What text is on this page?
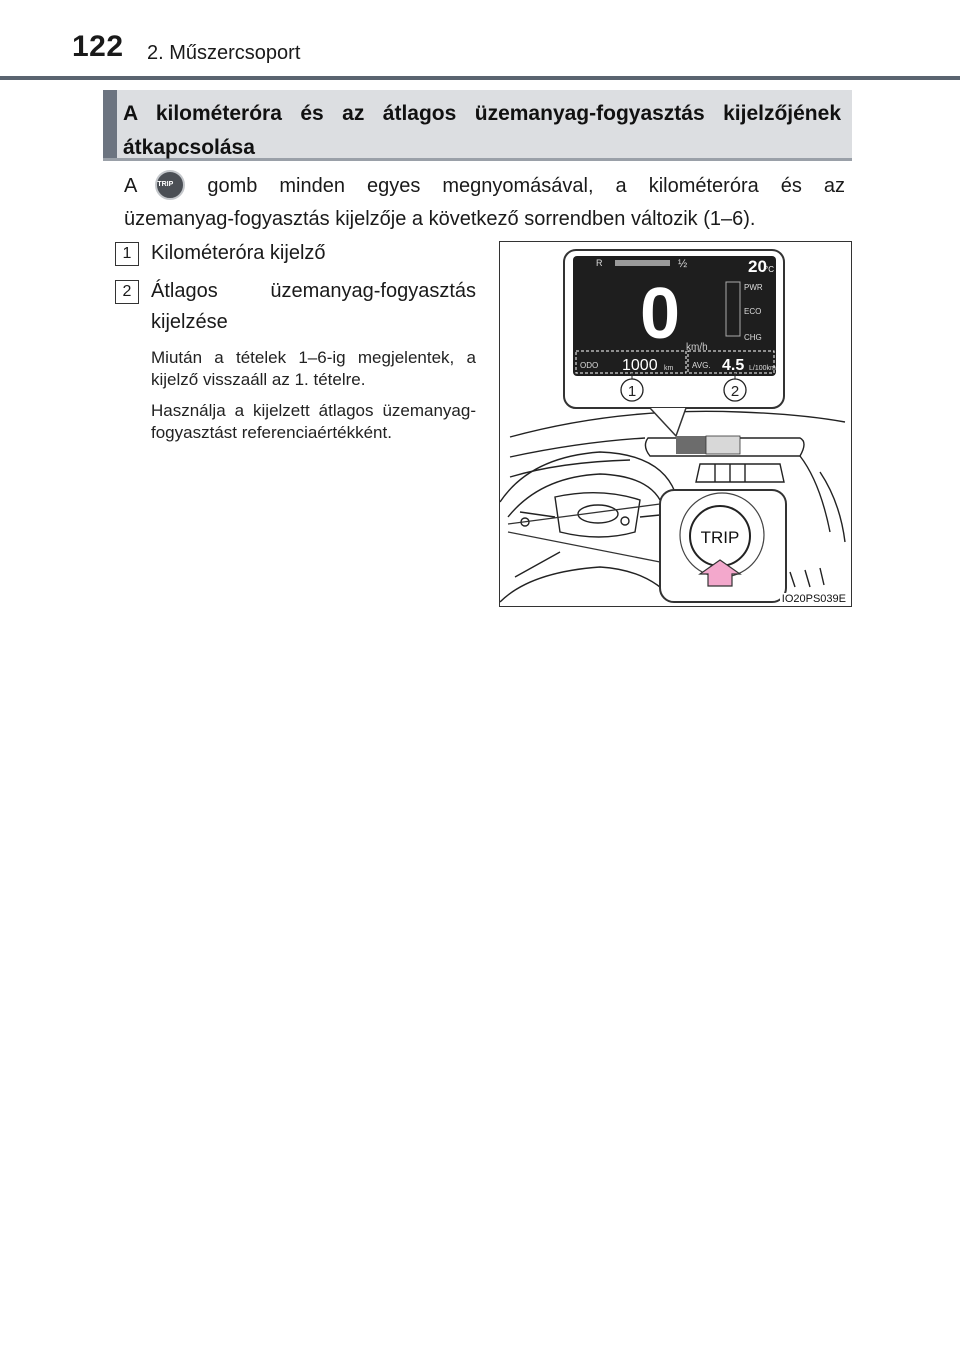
122 2. Műszercsoport
A kilométeróra és az átlagos üzemanyag-fogyasztás kijelzőjének átkapcsolása
A	TRIP gomb minden egyes megnyomásával, a kilométeróra és az üzemanyag-fogyasztás kijelzője a következő sorrendben változik (1–6).
1 Kilométeróra kijelző
2 Átlagos üzemanyag-fogyasztás kijelzése
Miután a tételek 1–6-ig megjelentek, a kijelző visszaáll az 1. tételre.
Használja a kijelzett átlagos üzemanyag-fogyasztást referenciaértékként.
R	½	20
°C
0 km/h
PWR
ECO
CHG
ODO 1000 km AVG. 4.5 L/100km
1	2
TRIP
IO20PS039E
